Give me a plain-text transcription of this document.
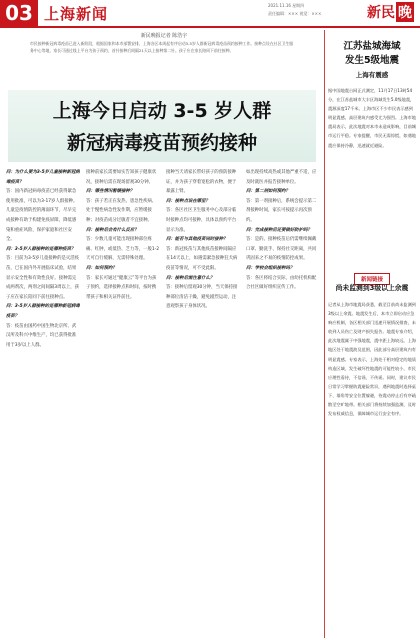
03 上海新闻	2021.11.16 星期四
责任编辑：××× 视觉：×××	新民 晚
新民晚报记者 陈浩宇
市民接种新冠病毒疫苗已进入新阶段，根据国家和本市部署安排，上海各区本周起有序启动3-5岁人群新冠病毒疫苗预约接种工作。接种点设在社区卫生服务中心等地，家长可通过线上平台为孩子预约，首针接种后间隔21天以上接种第二针。孩子应在家长陪同下前往接种。
上海今日启动 3-5 岁人群
新冠病毒疫苗预约接种

问：为什么要为3-5岁儿童接种新冠病毒疫苗？

答：国内新冠病毒疫苗已经获得紧急使用批准，可以为3-17岁人群接种。儿童是疫情防控的薄弱环节，尽早完成接种有助于构建免疫屏障，降低感染和重症风险，保护家庭和社区安全。

问：3-5岁人群接种的是哪种疫苗？

答：目前为3-5岁儿童接种的是灭活疫苗，已在国内外开展临床试验，结果显示安全性和有效性良好。接种需完成两剂次，两剂之间间隔3周以上，孩子应在家长陪同下前往接种点。

问：3-5岁人群接种的是哪种新冠病毒疫苗？

答：疫苗由国药中国生物北京所、武汉所及科兴中维生产，均已获得批准用于3岁以上人群。

接种前家长需要如实告知孩子健康状况，接种后需在现场留观30分钟。

问：哪些情况暂缓接种？

答：孩子若正在发热、患急性疾病、处于慢性病急性发作期，应暂缓接种；对疫苗成分过敏者不宜接种。

问：接种后会有什么反应？

答：少数儿童可能出现接种部位疼痛、红肿，或低热、乏力等，一般1-2天可自行缓解，无需特殊处理。

问：如何预约？

答：家长可通过“健康云”等平台为孩子预约，选择接种点和时间，按时携带孩子和相关证件前往。

接种当天请家长带好孩子的预防接种证，并为孩子穿着宽松的衣物，便于暴露上臂。

问：接种点设在哪里？

答：各区社区卫生服务中心及部分临时接种点均可接种，具体以预约平台显示为准。

问：能否与其他疫苗同时接种？

答：新冠疫苗与其他疫苗接种间隔应在14天以上，如遇需紧急接种狂犬病疫苗等情况，可不受此限。

问：接种后需注意什么？

答：接种后留观30分钟，当天保持接种部位清洁干燥，避免剧烈运动，注意观察孩子身体状况。

如出现持续高热或其他严重不适，应及时就医并报告接种单位。

问：第二剂如何预约？

答：第一剂接种后，系统会提示第二剂接种时间，家长可按提示再次预约。

问：完成接种后还要做好防护吗？

答：是的。接种疫苗后仍需继续佩戴口罩、勤洗手、保持社交距离，共同巩固来之不易的疫情防控成果。

问：学校会组织接种吗？

答：各区将结合实际，由幼托机构配合社区做好组织宣传工作。

江苏盐城海域
发生5级地震
上海有震感

据中国地震台网正式测定，11月17日13时54分，在江苏盐城市大丰区海域发生5.0级地震，震源深度17千米。上海市区不少市民表示感到明显震感，高层建筑内感受尤为强烈。上海市地震局表示，此次地震对本市未造成影响，目前城市运行平稳。专家提醒，市民无需惊慌，如遇地震应保持冷静，迅速就近避险。

新闻链接
尚未监测到3级以上余震

记者从上海市地震局获悉，截至目前尚未监测到3级以上余震。地震发生后，本市立即启动应急响应机制，各区相关部门迅速开展情况排查，未收到人员伤亡及财产损失报告。地震专家介绍，此次地震属于中强地震，震中距上海较远，上海地区处于地震波及范围，因此部分高层建筑内有明显震感。专家表示，上海处于相对稳定的地质构造区域，发生破坏性地震的可能性较小，市民应理性看待，不信谣、不传谣。同时，建议市民日常学习掌握防震避险常识，遇到地震时选择桌下、墙角等安全位置躲避，待震动停止后有序疏散至空旷地带。相关部门将持续加强监测，及时发布权威信息，保障城市运行安全有序。
